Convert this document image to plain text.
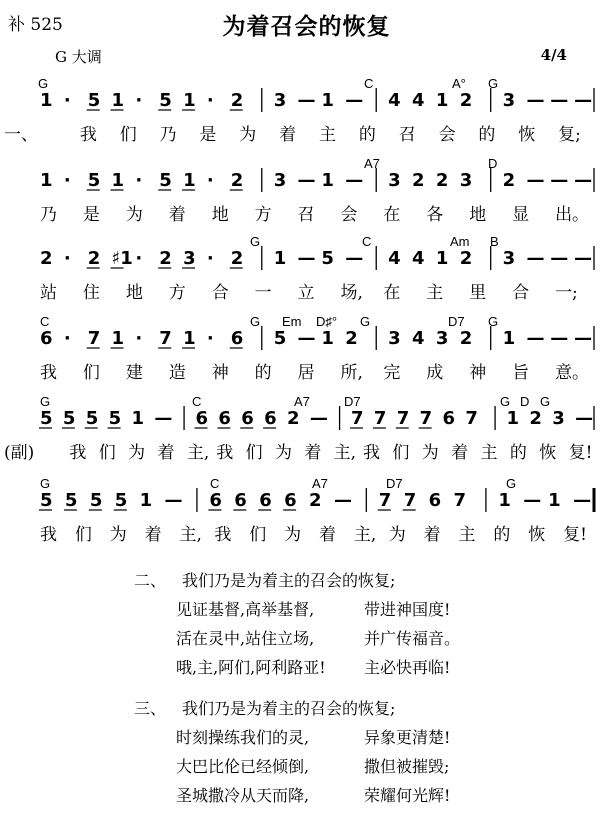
补 525	为着召会的恢复
G 大调	4/4
G	C	A° G
1 · 5 1 · 5 1 · 2 3 — 1 — 4 4 1 2 3 — — —
一、 我 们 乃 是 为 着 主 的 召 会 的 恢 复;
A7	D
1 · 5 1 · 5 1 · 2 3 — 1 — 3 2 2 3 2 — — —
乃 是 为 着 地 方 召 会 在 各 地 显 出。
G	C	Am B
2 · 2 ♯1 · 2 3 · 2 1 — 5 — 4 4 1 2 3 — — —
站 住 地 方 合 一 立 场, 在 主 里 合 一;
C	G Em D♯° G	D7 G
6 · 7 1 · 7 1 · 6 5 — 1 2 3 4 3 2 1 — — —
我 们 建 造 神 的 居 所, 完 成 神 旨 意。
G	C	A7	D7	G D G
5 5 5 5 1 — 6 6 6 6 2 — 7 7 7 7 6 7 1 2 3 —
(副) 我 们 为 着 主, 我 们 为 着 主, 我 们 为 着 主 的 恢 复!
G	C	A7	D7	G
5 5 5 5 1 — 6 6 6 6 2 — 7 7 6 7 1 — 1 —
我 们 为 着 主, 我 们 为 着 主, 为 着 主 的 恢 复!
二、 我们乃是为着主的召会的恢复;
见证基督,高举基督,	带进神国度!
活在灵中,站住立场,	并广传福音。
哦,主,阿们,阿利路亚! 主必快再临!
三、 我们乃是为着主的召会的恢复;
时刻操练我们的灵,	异象更清楚!
大巴比伦已经倾倒,	撒但被摧毁;
圣城撒冷从天而降,	荣耀何光辉!
